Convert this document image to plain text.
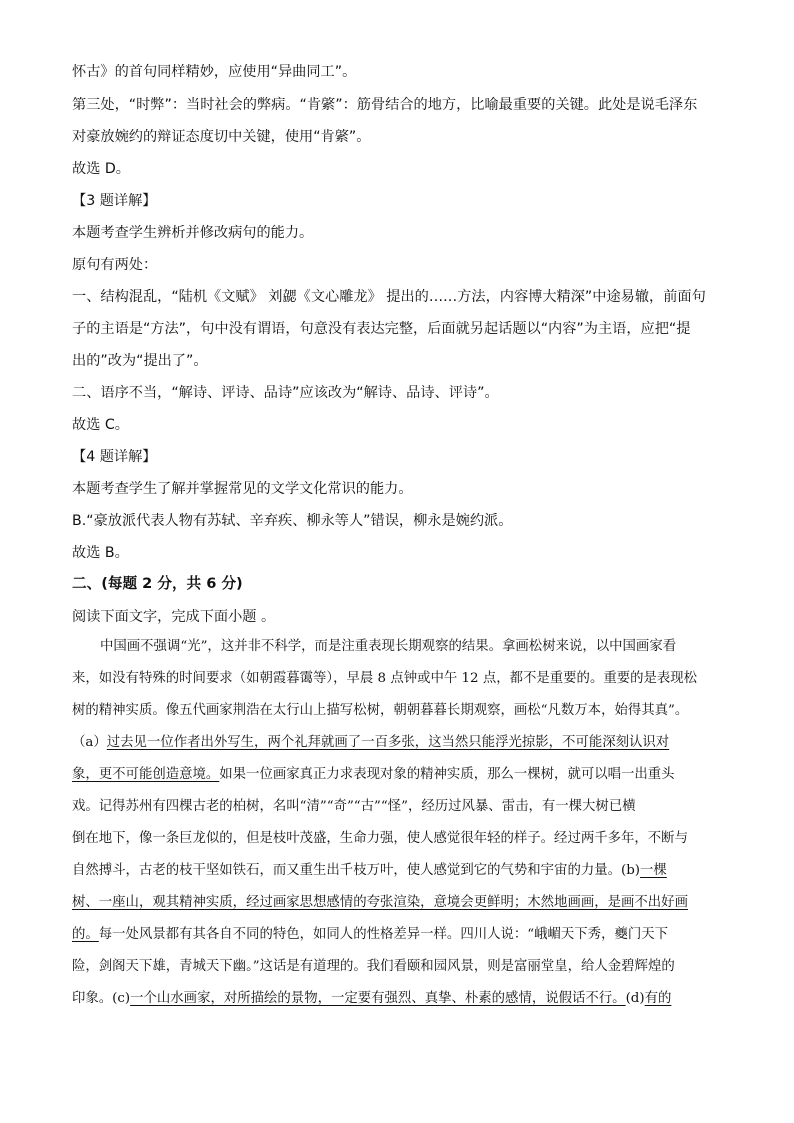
怀古》的首句同样精妙，应使用“异曲同工”。
第三处，“时弊”：当时社会的弊病。“肯綮”：筋骨结合的地方，比喻最重要的关键。此处是说毛泽东
对豪放婉约的辩证态度切中关键，使用“肯綮”。
故选 D。
【3 题详解】
本题考查学生辨析并修改病句的能力。
原句有两处：
一、结构混乱，“陆机《文赋》 刘勰《文心雕龙》 提出的……方法，内容博大精深”中途易辙，前面句
子的主语是“方法”，句中没有谓语，句意没有表达完整，后面就另起话题以“内容”为主语，应把“提
出的”改为“提出了”。
二、语序不当，“解诗、评诗、品诗”应该改为“解诗、品诗、评诗”。
故选 C。
【4 题详解】
本题考查学生了解并掌握常见的文学文化常识的能力。
B.“豪放派代表人物有苏轼、辛弃疾、柳永等人”错误，柳永是婉约派。
故选 B。
二、(每题 2 分，共 6 分)
阅读下面文字，完成下面小题 。
中国画不强调“光”，这并非不科学，而是注重表现长期观察的结果。拿画松树来说，以中国画家看
来，如没有特殊的时间要求（如朝霞暮霭等），早晨 8 点钟或中午 12 点，都不是重要的。重要的是表现松
树的精神实质。像五代画家荆浩在太行山上描写松树，朝朝暮暮长期观察，画松“凡数万本，始得其真”。
（a）过去见一位作者出外写生，两个礼拜就画了一百多张，这当然只能浮光掠影，不可能深刻认识对
象，更不可能创造意境。如果一位画家真正力求表现对象的精神实质，那么一棵树，就可以唱一出重头
戏。记得苏州有四棵古老的柏树，名叫“清”“奇”“古”“怪”，经历过风暴、雷击，有一棵大树已横
倒在地下，像一条巨龙似的，但是枝叶茂盛，生命力强，使人感觉很年轻的样子。经过两千多年，不断与
自然搏斗，古老的枝干坚如铁石，而又重生出千枝万叶，使人感觉到它的气势和宇宙的力量。(b)一棵
树、一座山，观其精神实质，经过画家思想感情的夸张渲染，意境会更鲜明；木然地画画，是画不出好画
的。每一处风景都有其各自不同的特色，如同人的性格差异一样。四川人说：“峨嵋天下秀，夔门天下
险，剑阁天下雄，青城天下幽。”这话是有道理的。我们看颐和园风景，则是富丽堂皇，给人金碧辉煌的
印象。(c)一个山水画家，对所描绘的景物，一定要有强烈、真挚、朴素的感情，说假话不行。(d)有的
